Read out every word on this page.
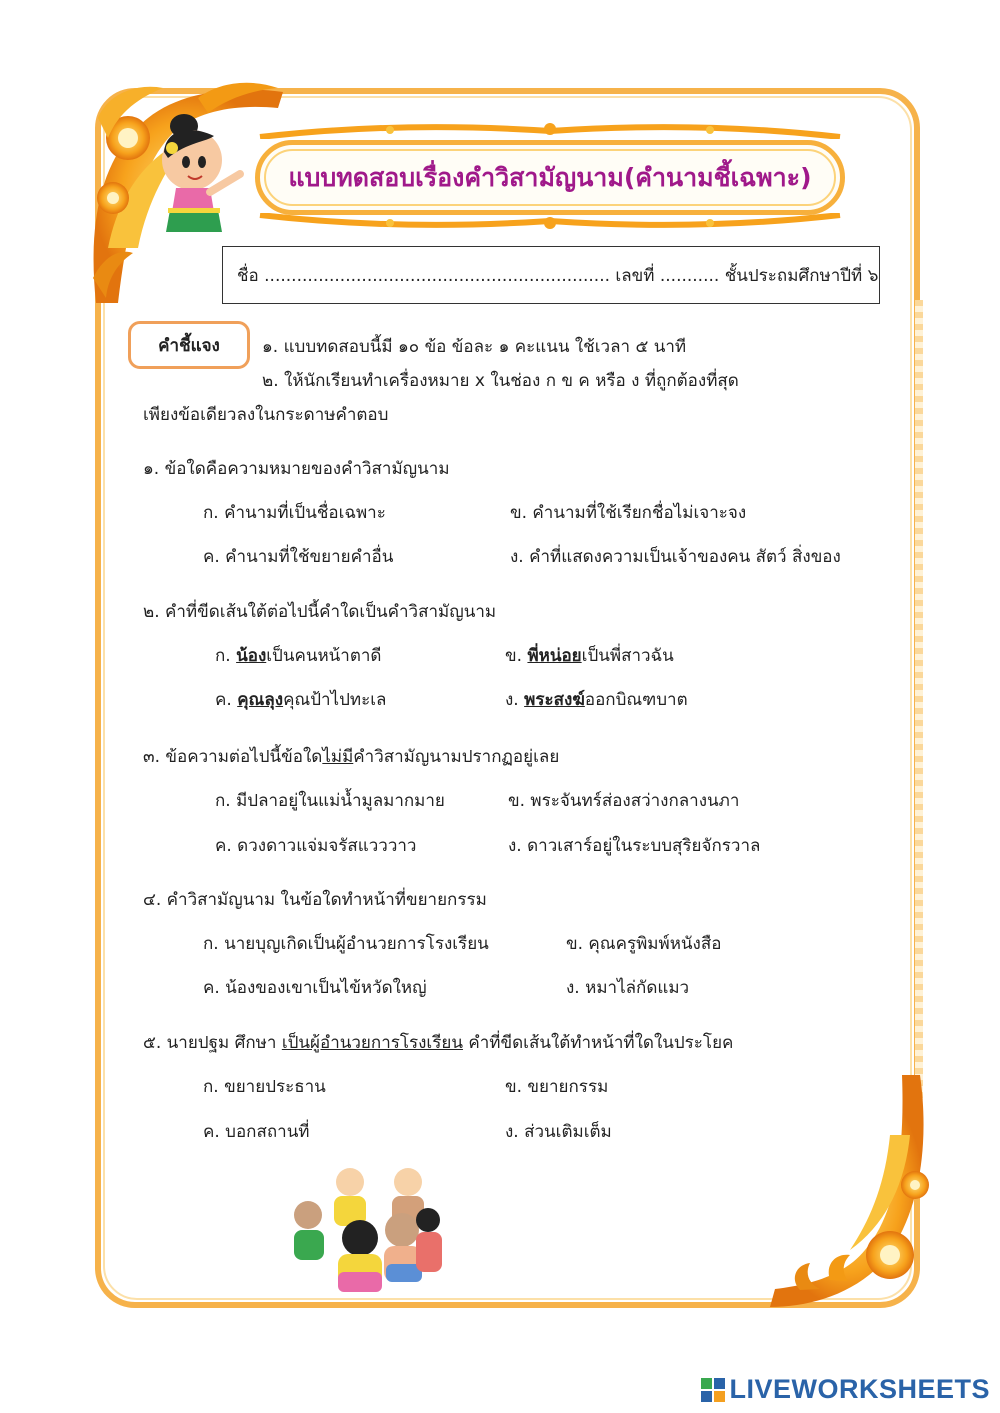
แบบทดสอบเรื่องคำวิสามัญนาม(คำนามชี้เฉพาะ)
ชื่อ ................................................................ เลขที่ ........... ชั้นประถมศึกษาปีที่ ๖
คำชี้แจง ๑. แบบทดสอบนี้มี ๑๐ ข้อ ข้อละ ๑ คะแนน ใช้เวลา ๕ นาที
๒. ให้นักเรียนทำเครื่องหมาย x ในช่อง ก ข ค หรือ ง ที่ถูกต้องที่สุด
เพียงข้อเดียวลงในกระดาษคำตอบ
๑. ข้อใดคือความหมายของคำวิสามัญนาม
ก. คำนามที่เป็นชื่อเฉพาะ	ข. คำนามที่ใช้เรียกชื่อไม่เจาะจง
ค. คำนามที่ใช้ขยายคำอื่น	ง. คำที่แสดงความเป็นเจ้าของคน สัตว์ สิ่งของ
๒. คำที่ขีดเส้นใต้ต่อไปนี้คำใดเป็นคำวิสามัญนาม
ก. น้องเป็นคนหน้าตาดี	ข. พี่หน่อยเป็นพี่สาวฉัน
ค. คุณลุงคุณป้าไปทะเล	ง. พระสงฆ์ออกบิณฑบาต
๓. ข้อความต่อไปนี้ข้อใดไม่มีคำวิสามัญนามปรากฏอยู่เลย
ก. มีปลาอยู่ในแม่น้ำมูลมากมาย	ข. พระจันทร์ส่องสว่างกลางนภา
ค. ดวงดาวแจ่มจรัสแวววาว	ง. ดาวเสาร์อยู่ในระบบสุริยจักรวาล
๔. คำวิสามัญนาม ในข้อใดทำหน้าที่ขยายกรรม
ก. นายบุญเกิดเป็นผู้อำนวยการโรงเรียน	ข. คุณครูพิมพ์หนังสือ
ค. น้องของเขาเป็นไข้หวัดใหญ่	ง. หมาไล่กัดแมว
๕. นายปฐม ศึกษา เป็นผู้อำนวยการโรงเรียน คำที่ขีดเส้นใต้ทำหน้าที่ใดในประโยค
ก. ขยายประธาน	ข. ขยายกรรม
ค. บอกสถานที่	ง. ส่วนเติมเต็ม
LIVEWORKSHEETS
